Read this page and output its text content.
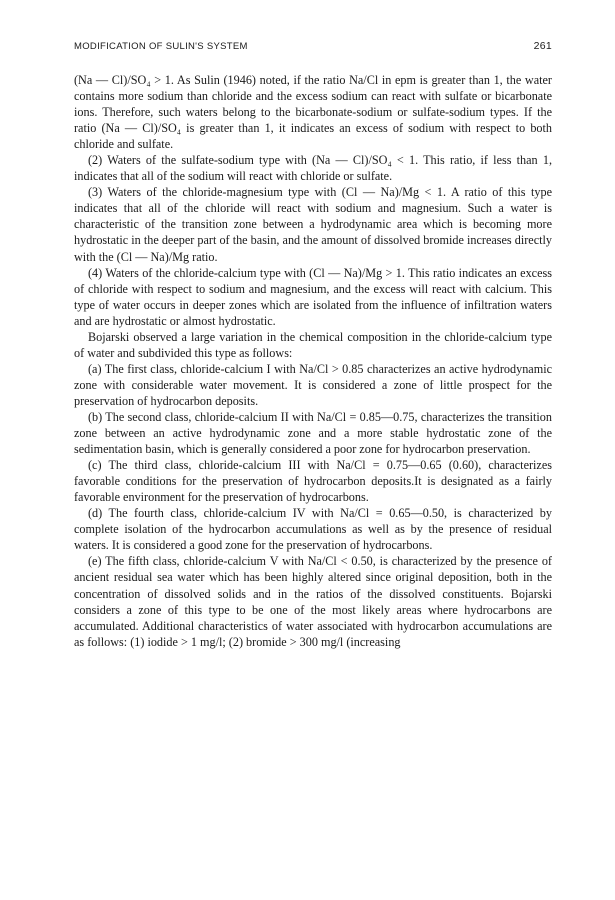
MODIFICATION OF SULIN'S SYSTEM	261

(Na — Cl)/SO₄ > 1. As Sulin (1946) noted, if the ratio Na/Cl in epm is greater than 1, the water contains more sodium than chloride and the excess sodium can react with sulfate or bicarbonate ions. Therefore, such waters belong to the bicarbonate-sodium or sulfate-sodium types. If the ratio (Na — Cl)/SO₄ is greater than 1, it indicates an excess of sodium with respect to both chloride and sulfate.

(2) Waters of the sulfate-sodium type with (Na — Cl)/SO₄ < 1. This ratio, if less than 1, indicates that all of the sodium will react with chloride or sulfate.

(3) Waters of the chloride-magnesium type with (Cl — Na)/Mg < 1. A ratio of this type indicates that all of the chloride will react with sodium and magnesium. Such a water is characteristic of the transition zone between a hydrodynamic area which is becoming more hydrostatic in the deeper part of the basin, and the amount of dissolved bromide increases directly with the (Cl — Na)/Mg ratio.

(4) Waters of the chloride-calcium type with (Cl — Na)/Mg > 1. This ratio indicates an excess of chloride with respect to sodium and magnesium, and the excess will react with calcium. This type of water occurs in deeper zones which are isolated from the influence of infiltration waters and are hydrostatic or almost hydrostatic.

Bojarski observed a large variation in the chemical composition in the chloride-calcium type of water and subdivided this type as follows:

(a) The first class, chloride-calcium I with Na/Cl > 0.85 characterizes an active hydrodynamic zone with considerable water movement. It is considered a zone of little prospect for the preservation of hydrocarbon deposits.

(b) The second class, chloride-calcium II with Na/Cl = 0.85—0.75, characterizes the transition zone between an active hydrodynamic zone and a more stable hydrostatic zone of the sedimentation basin, which is generally considered a poor zone for hydrocarbon preservation.

(c) The third class, chloride-calcium III with Na/Cl = 0.75—0.65 (0.60), characterizes favorable conditions for the preservation of hydrocarbon deposits.It is designated as a fairly favorable environment for the preservation of hydrocarbons.

(d) The fourth class, chloride-calcium IV with Na/Cl = 0.65—0.50, is characterized by complete isolation of the hydrocarbon accumulations as well as by the presence of residual waters. It is considered a good zone for the preservation of hydrocarbons.

(e) The fifth class, chloride-calcium V with Na/Cl < 0.50, is characterized by the presence of ancient residual sea water which has been highly altered since original deposition, both in the concentration of dissolved solids and in the ratios of the dissolved constituents. Bojarski considers a zone of this type to be one of the most likely areas where hydrocarbons are accumulated. Additional characteristics of water associated with hydrocarbon accumulations are as follows: (1) iodide > 1 mg/l; (2) bromide > 300 mg/l (increasing
